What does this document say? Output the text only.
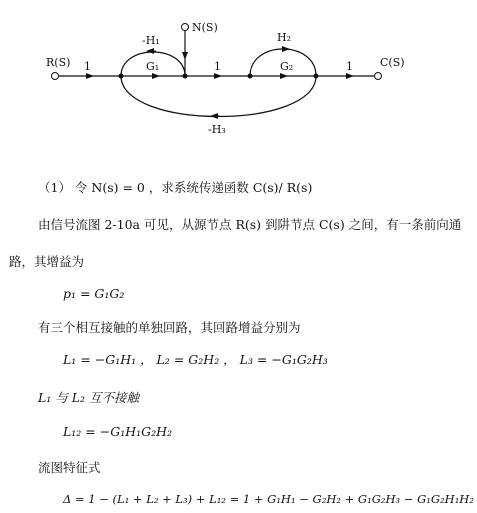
R(S)	C(S)
N(S)
1	G₁	1	G₂	1
-H₁	H₂
-H₃
（1） 令 N(s) = 0 ，求系统传递函数 C(s)/ R(s)
由信号流图 2-10a 可见，从源节点 R(s) 到阱节点 C(s) 之间，有一条前向通
路，其增益为
p₁ = G₁G₂
有三个相互接触的单独回路，其回路增益分别为
L₁ = −G₁H₁ ， L₂ = G₂H₂ ， L₃ = −G₁G₂H₃
L₁ 与 L₂ 互不接触
L₁₂ = −G₁H₁G₂H₂
流图特征式
Δ = 1 − (L₁ + L₂ + L₃) + L₁₂ = 1 + G₁H₁ − G₂H₂ + G₁G₂H₃ − G₁G₂H₁H₂
